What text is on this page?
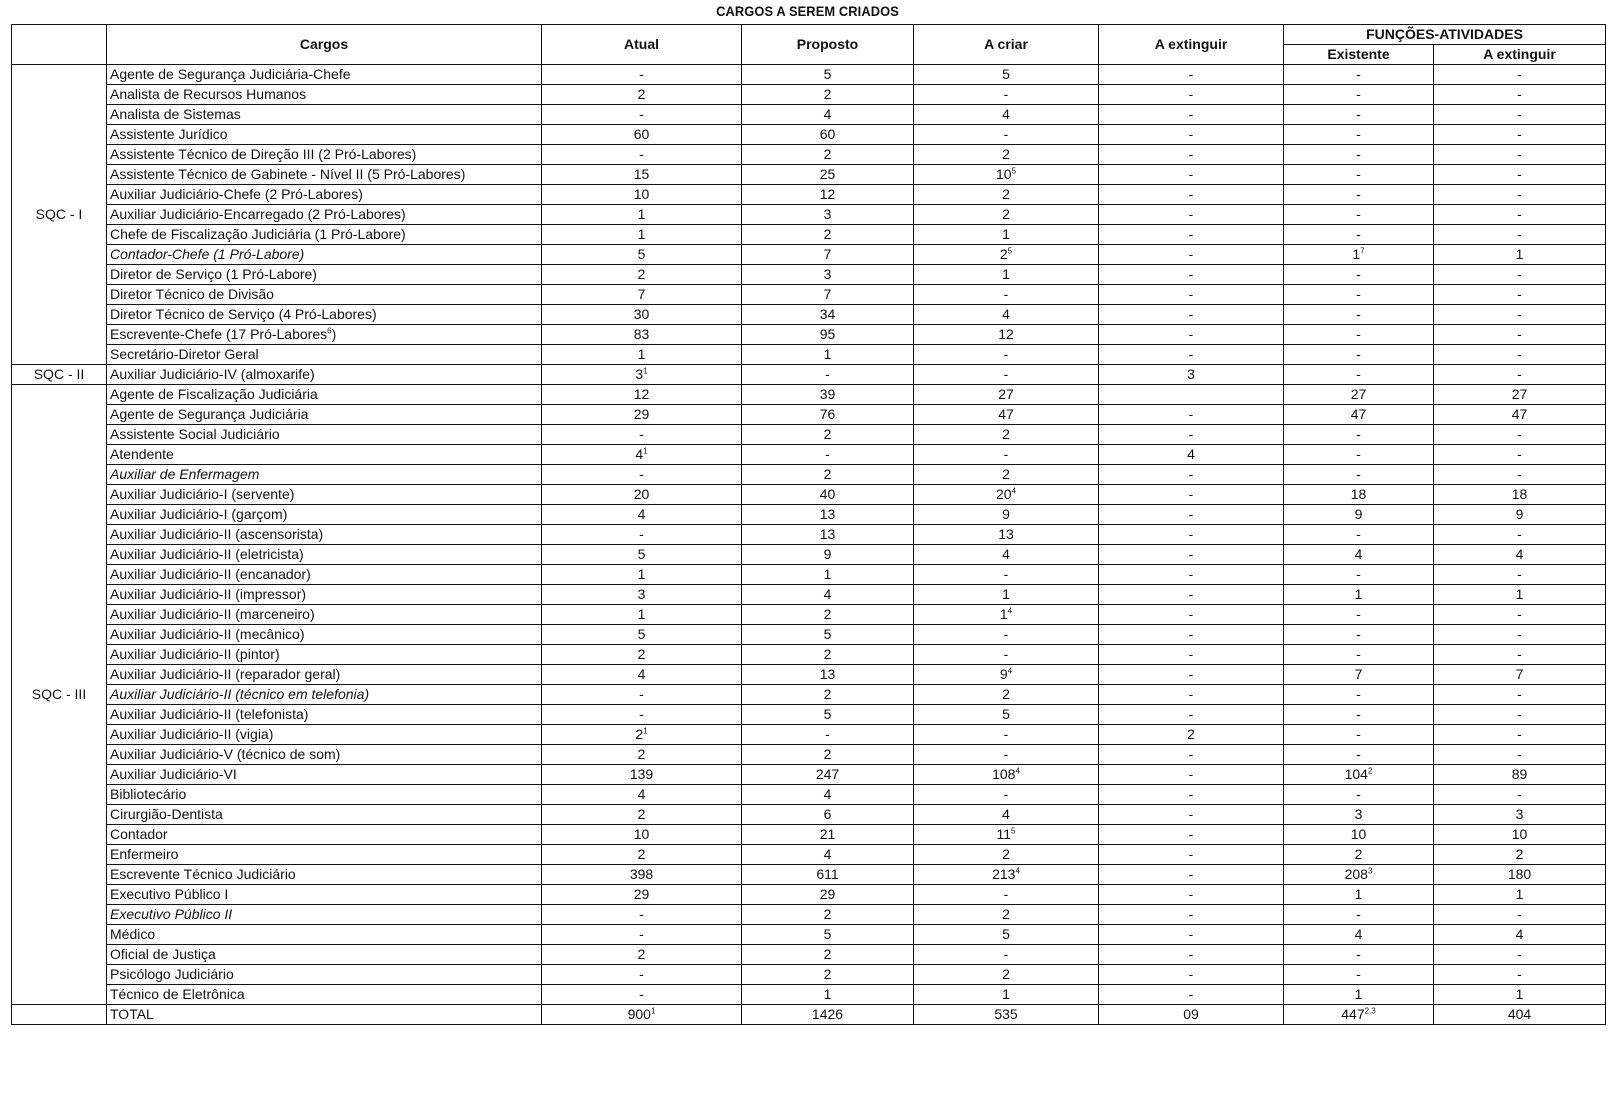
CARGOS A SEREM CRIADOS
	Cargos	Atual	Proposto	A criar	A extinguir	FUNÇÕES-ATIVIDADES	
						Existente	A extinguir
SQC - I	Agente de Segurança Judiciária-Chefe	-	5	5	-	-	-
	Analista de Recursos Humanos	2	2	-	-	-	-
	Analista de Sistemas	-	4	4	-	-	-
	Assistente Jurídico	60	60	-	-	-	-
	Assistente Técnico de Direção III (2 Pró-Labores)	-	2	2	-	-	-
	Assistente Técnico de Gabinete - Nível II (5 Pró-Labores)	15	25	$10^5$	-	-	-
	Auxiliar Judiciário-Chefe (2 Pró-Labores)	10	12	2	-	-	-
	Auxiliar Judiciário-Encarregado (2 Pró-Labores)	1	3	2	-	-	-
	Chefe de Fiscalização Judiciária (1 Pró-Labore)	1	2	1	-	-	-
	Contador-Chefe (1 Pró-Labore)	5	7	$2^5$	-	$1^7$	1
	Diretor de Serviço (1 Pró-Labore)	2	3	1	-	-	-
	Diretor Técnico de Divisão	7	7	-	-	-	-
	Diretor Técnico de Serviço (4 Pró-Labores)	30	34	4	-	-	-
	Escrevente-Chefe (17 Pró-Labores$^6$)	83	95	12	-	-	-
	Secretário-Diretor Geral	1	1	-	-	-	-
SQC - II	Auxiliar Judiciário-IV (almoxarife)	$3^1$	-	-	3	-	-
SQC - III	Agente de Fiscalização Judiciária	12	39	27		27	27
	Agente de Segurança Judiciária	29	76	47	-	47	47
	Assistente Social Judiciário	-	2	2	-	-	-
	Atendente	$4^1$	-	-	4	-	-
	Auxiliar de Enfermagem	-	2	2	-	-	-
	Auxiliar Judiciário-I (servente)	20	40	$20^4$	-	18	18
	Auxiliar Judiciário-I (garçom)	4	13	9	-	9	9
	Auxiliar Judiciário-II (ascensorista)	-	13	13	-	-	-
	Auxiliar Judiciário-II (eletricista)	5	9	4	-	4	4
	Auxiliar Judiciário-II (encanador)	1	1	-	-	-	-
	Auxiliar Judiciário-II (impressor)	3	4	1	-	1	1
	Auxiliar Judiciário-II (marceneiro)	1	2	$1^4$	-	-	-
	Auxiliar Judiciário-II (mecânico)	5	5	-	-	-	-
	Auxiliar Judiciário-II (pintor)	2	2	-	-	-	-
	Auxiliar Judiciário-II (reparador geral)	4	13	$9^4$	-	7	7
	Auxiliar Judiciário-II (técnico em telefonia)	-	2	2	-	-	-
	Auxiliar Judiciário-II (telefonista)	-	5	5	-	-	-
	Auxiliar Judiciário-II (vigia)	$2^1$	-	-	2	-	-
	Auxiliar Judiciário-V (técnico de som)	2	2	-	-	-	-
	Auxiliar Judiciário-VI	139	247	$108^4$	-	$104^2$	89
	Bibliotecário	4	4	-	-	-	-
	Cirurgião-Dentista	2	6	4	-	3	3
	Contador	10	21	$11^5$	-	10	10
	Enfermeiro	2	4	2	-	2	2
	Escrevente Técnico Judiciário	398	611	$213^4$	-	$208^3$	180
	Executivo Público I	29	29	-	-	1	1
	Executivo Público II	-	2	2	-	-	-
	Médico	-	5	5	-	4	4
	Oficial de Justiça	2	2	-	-	-	-
	Psicólogo Judiciário	-	2	2	-	-	-
	Técnico de Eletrônica	-	1	1	-	1	1
	TOTAL	$900^1$	1426	535	09	447$^{2,3}$	404
